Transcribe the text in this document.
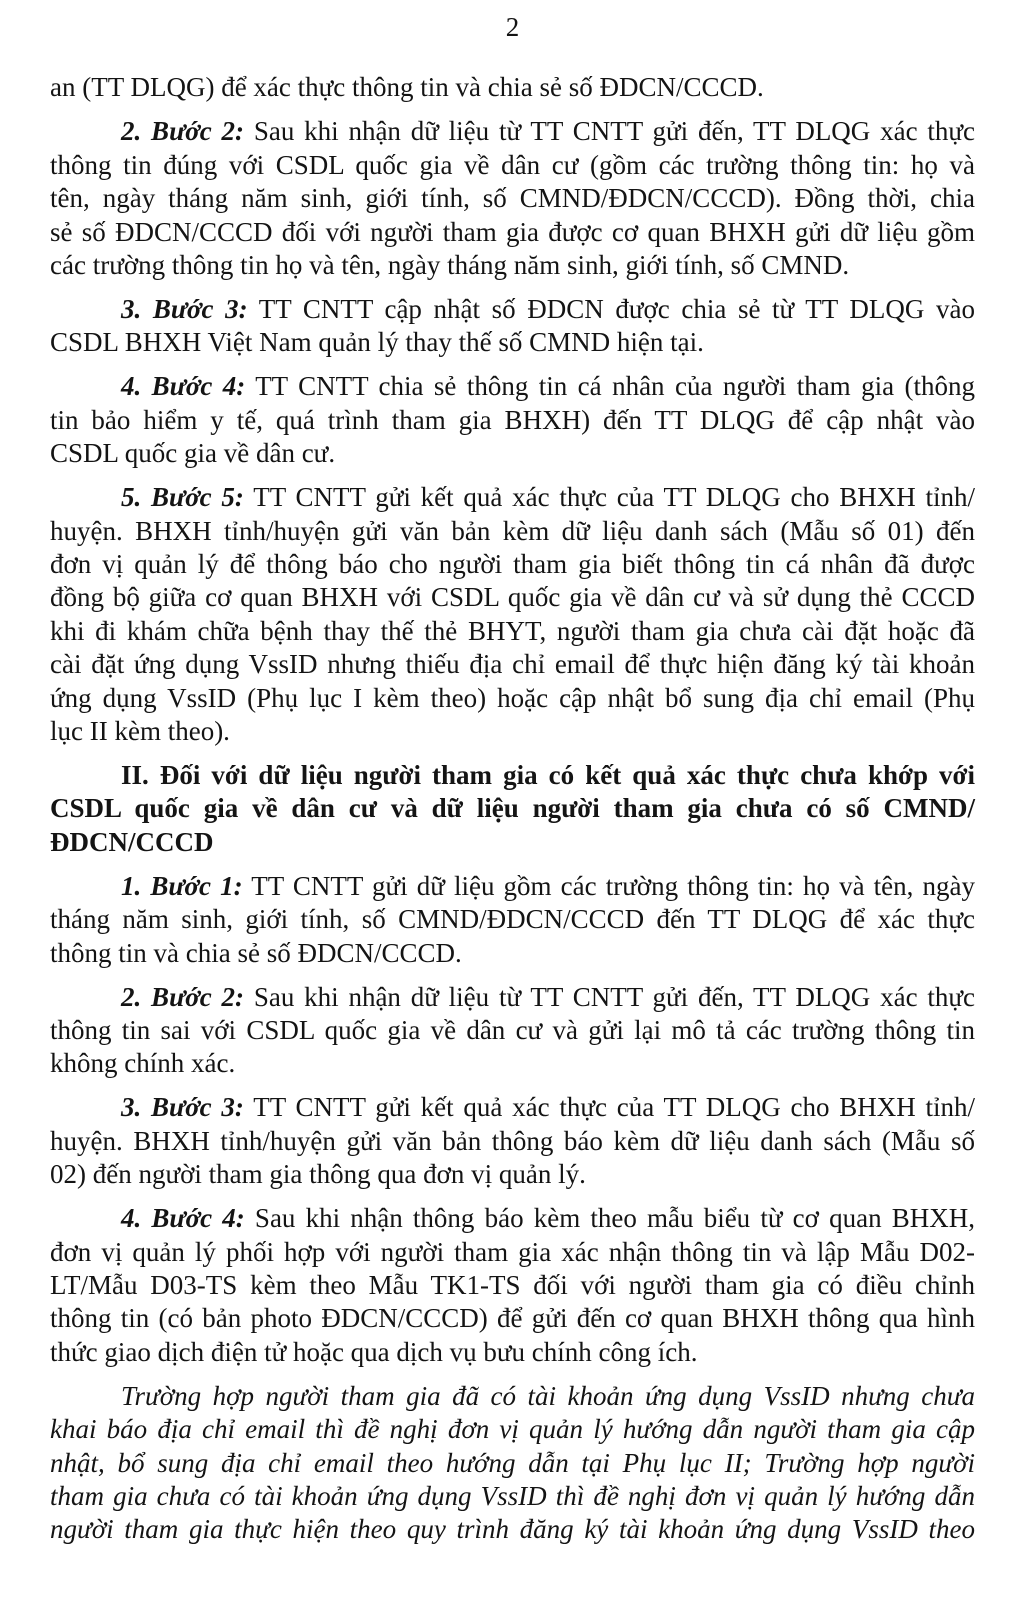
2
an (TT DLQG) để xác thực thông tin và chia sẻ số ĐDCN/CCCD.
2. Bước 2: Sau khi nhận dữ liệu từ TT CNTT gửi đến, TT DLQG xác thực
thông tin đúng với CSDL quốc gia về dân cư (gồm các trường thông tin: họ và
tên, ngày tháng năm sinh, giới tính, số CMND/ĐDCN/CCCD). Đồng thời, chia
sẻ số ĐDCN/CCCD đối với người tham gia được cơ quan BHXH gửi dữ liệu gồm
các trường thông tin họ và tên, ngày tháng năm sinh, giới tính, số CMND.
3. Bước 3: TT CNTT cập nhật số ĐDCN được chia sẻ từ TT DLQG vào
CSDL BHXH Việt Nam quản lý thay thế số CMND hiện tại.
4. Bước 4: TT CNTT chia sẻ thông tin cá nhân của người tham gia (thông
tin bảo hiểm y tế, quá trình tham gia BHXH) đến TT DLQG để cập nhật vào
CSDL quốc gia về dân cư.
5. Bước 5: TT CNTT gửi kết quả xác thực của TT DLQG cho BHXH tỉnh/
huyện. BHXH tỉnh/huyện gửi văn bản kèm dữ liệu danh sách (Mẫu số 01) đến
đơn vị quản lý để thông báo cho người tham gia biết thông tin cá nhân đã được
đồng bộ giữa cơ quan BHXH với CSDL quốc gia về dân cư và sử dụng thẻ CCCD
khi đi khám chữa bệnh thay thế thẻ BHYT, người tham gia chưa cài đặt hoặc đã
cài đặt ứng dụng VssID nhưng thiếu địa chỉ email để thực hiện đăng ký tài khoản
ứng dụng VssID (Phụ lục I kèm theo) hoặc cập nhật bổ sung địa chỉ email (Phụ
lục II kèm theo).
II. Đối với dữ liệu người tham gia có kết quả xác thực chưa khớp với
CSDL quốc gia về dân cư và dữ liệu người tham gia chưa có số CMND/
ĐDCN/CCCD
1. Bước 1: TT CNTT gửi dữ liệu gồm các trường thông tin: họ và tên, ngày
tháng năm sinh, giới tính, số CMND/ĐDCN/CCCD đến TT DLQG để xác thực
thông tin và chia sẻ số ĐDCN/CCCD.
2. Bước 2: Sau khi nhận dữ liệu từ TT CNTT gửi đến, TT DLQG xác thực
thông tin sai với CSDL quốc gia về dân cư và gửi lại mô tả các trường thông tin
không chính xác.
3. Bước 3: TT CNTT gửi kết quả xác thực của TT DLQG cho BHXH tỉnh/
huyện. BHXH tỉnh/huyện gửi văn bản thông báo kèm dữ liệu danh sách (Mẫu số
02) đến người tham gia thông qua đơn vị quản lý.
4. Bước 4: Sau khi nhận thông báo kèm theo mẫu biểu từ cơ quan BHXH,
đơn vị quản lý phối hợp với người tham gia xác nhận thông tin và lập Mẫu D02-
LT/Mẫu D03-TS kèm theo Mẫu TK1-TS đối với người tham gia có điều chỉnh
thông tin (có bản photo ĐDCN/CCCD) để gửi đến cơ quan BHXH thông qua hình
thức giao dịch điện tử hoặc qua dịch vụ bưu chính công ích.
Trường hợp người tham gia đã có tài khoản ứng dụng VssID nhưng chưa
khai báo địa chỉ email thì đề nghị đơn vị quản lý hướng dẫn người tham gia cập
nhật, bổ sung địa chỉ email theo hướng dẫn tại Phụ lục II; Trường hợp người
tham gia chưa có tài khoản ứng dụng VssID thì đề nghị đơn vị quản lý hướng dẫn
người tham gia thực hiện theo quy trình đăng ký tài khoản ứng dụng VssID theo
